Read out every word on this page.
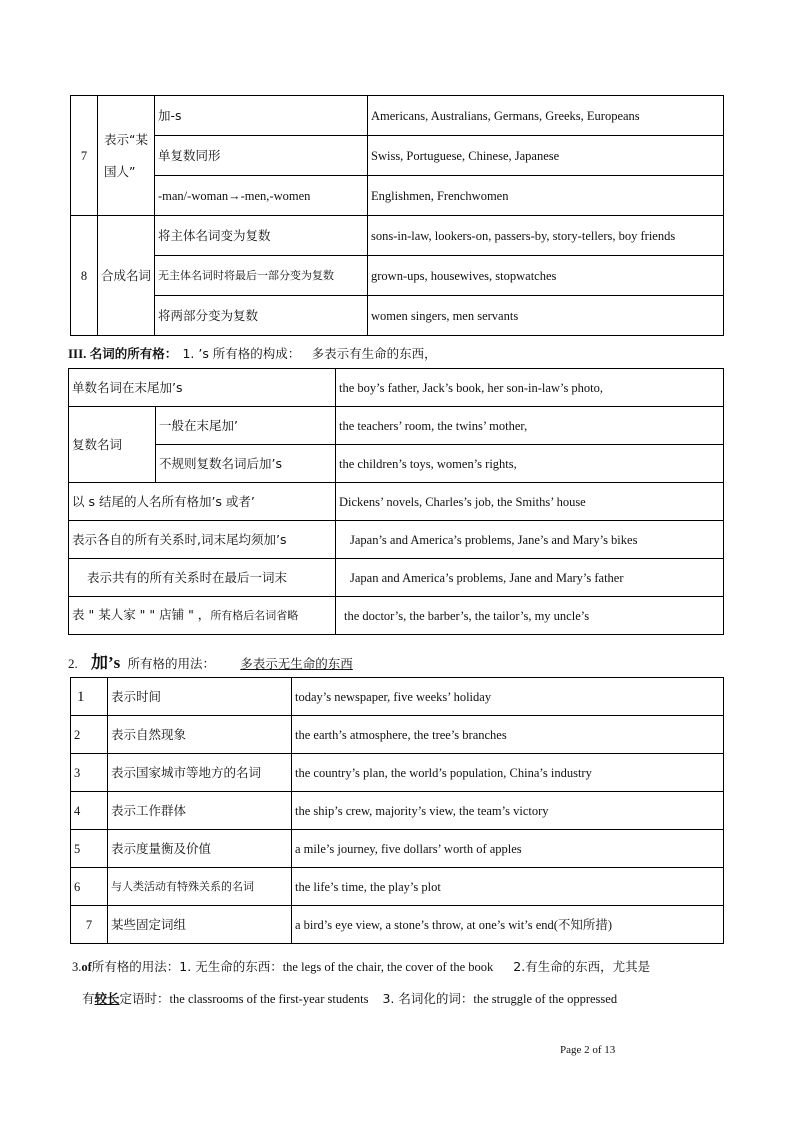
7	表示“某国人”	加-s	Americans, Australians, Germans, Greeks, Europeans
		单复数同形	Swiss, Portuguese, Chinese, Japanese
		-man/-woman→-men,-women	Englishmen, Frenchwomen
8	合成名词	将主体名词变为复数	sons-in-law, lookers-on, passers-by, story-tellers, boy friends
		无主体名词时将最后一部分变为复数	grown-ups, housewives, stopwatches
		将两部分变为复数	women singers, men servants
III. 名词的所有格： 1. ’s 所有格的构成： 多表示有生命的东西，
单数名词在末尾加’s		the boy’s father, Jack’s book, her son-in-law’s photo,
复数名词	一般在末尾加’	the teachers’ room, the twins’ mother,
	不规则复数名词后加’s	the children’s toys, women’s rights,
以 s 结尾的人名所有格加’s 或者’		Dickens’ novels, Charles’s job, the Smiths’ house
表示各自的所有关系时,词末尾均须加’s		Japan’s and America’s problems, Jane’s and Mary’s bikes
表示共有的所有关系时在最后一词末		Japan and America’s problems, Jane and Mary’s father
表 " 某人家 " " 店铺 " ，所有格后名词省略		the doctor’s, the barber’s, the tailor’s, my uncle’s
2. 加’s 所有格的用法： 多表示无生命的东西
1	表示时间	today’s newspaper, five weeks’ holiday
2	表示自然现象	the earth’s atmosphere, the tree’s branches
3	表示国家城市等地方的名词	the country’s plan, the world’s population, China’s industry
4	表示工作群体	the ship’s crew, majority’s view, the team’s victory
5	表示度量衡及价值	a mile’s journey, five dollars’ worth of apples
6	与人类活动有特殊关系的名词	the life’s time, the play’s plot
7	某些固定词组	a bird’s eye view, a stone’s throw, at one’s wit’s end(不知所措)
3.of所有格的用法：1. 无生命的东西：the legs of the chair, the cover of the book 2.有生命的东西，尤其是
有较长定语时：the classrooms of the first-year students 3. 名词化的词：the struggle of the oppressed
Page 2 of 13
